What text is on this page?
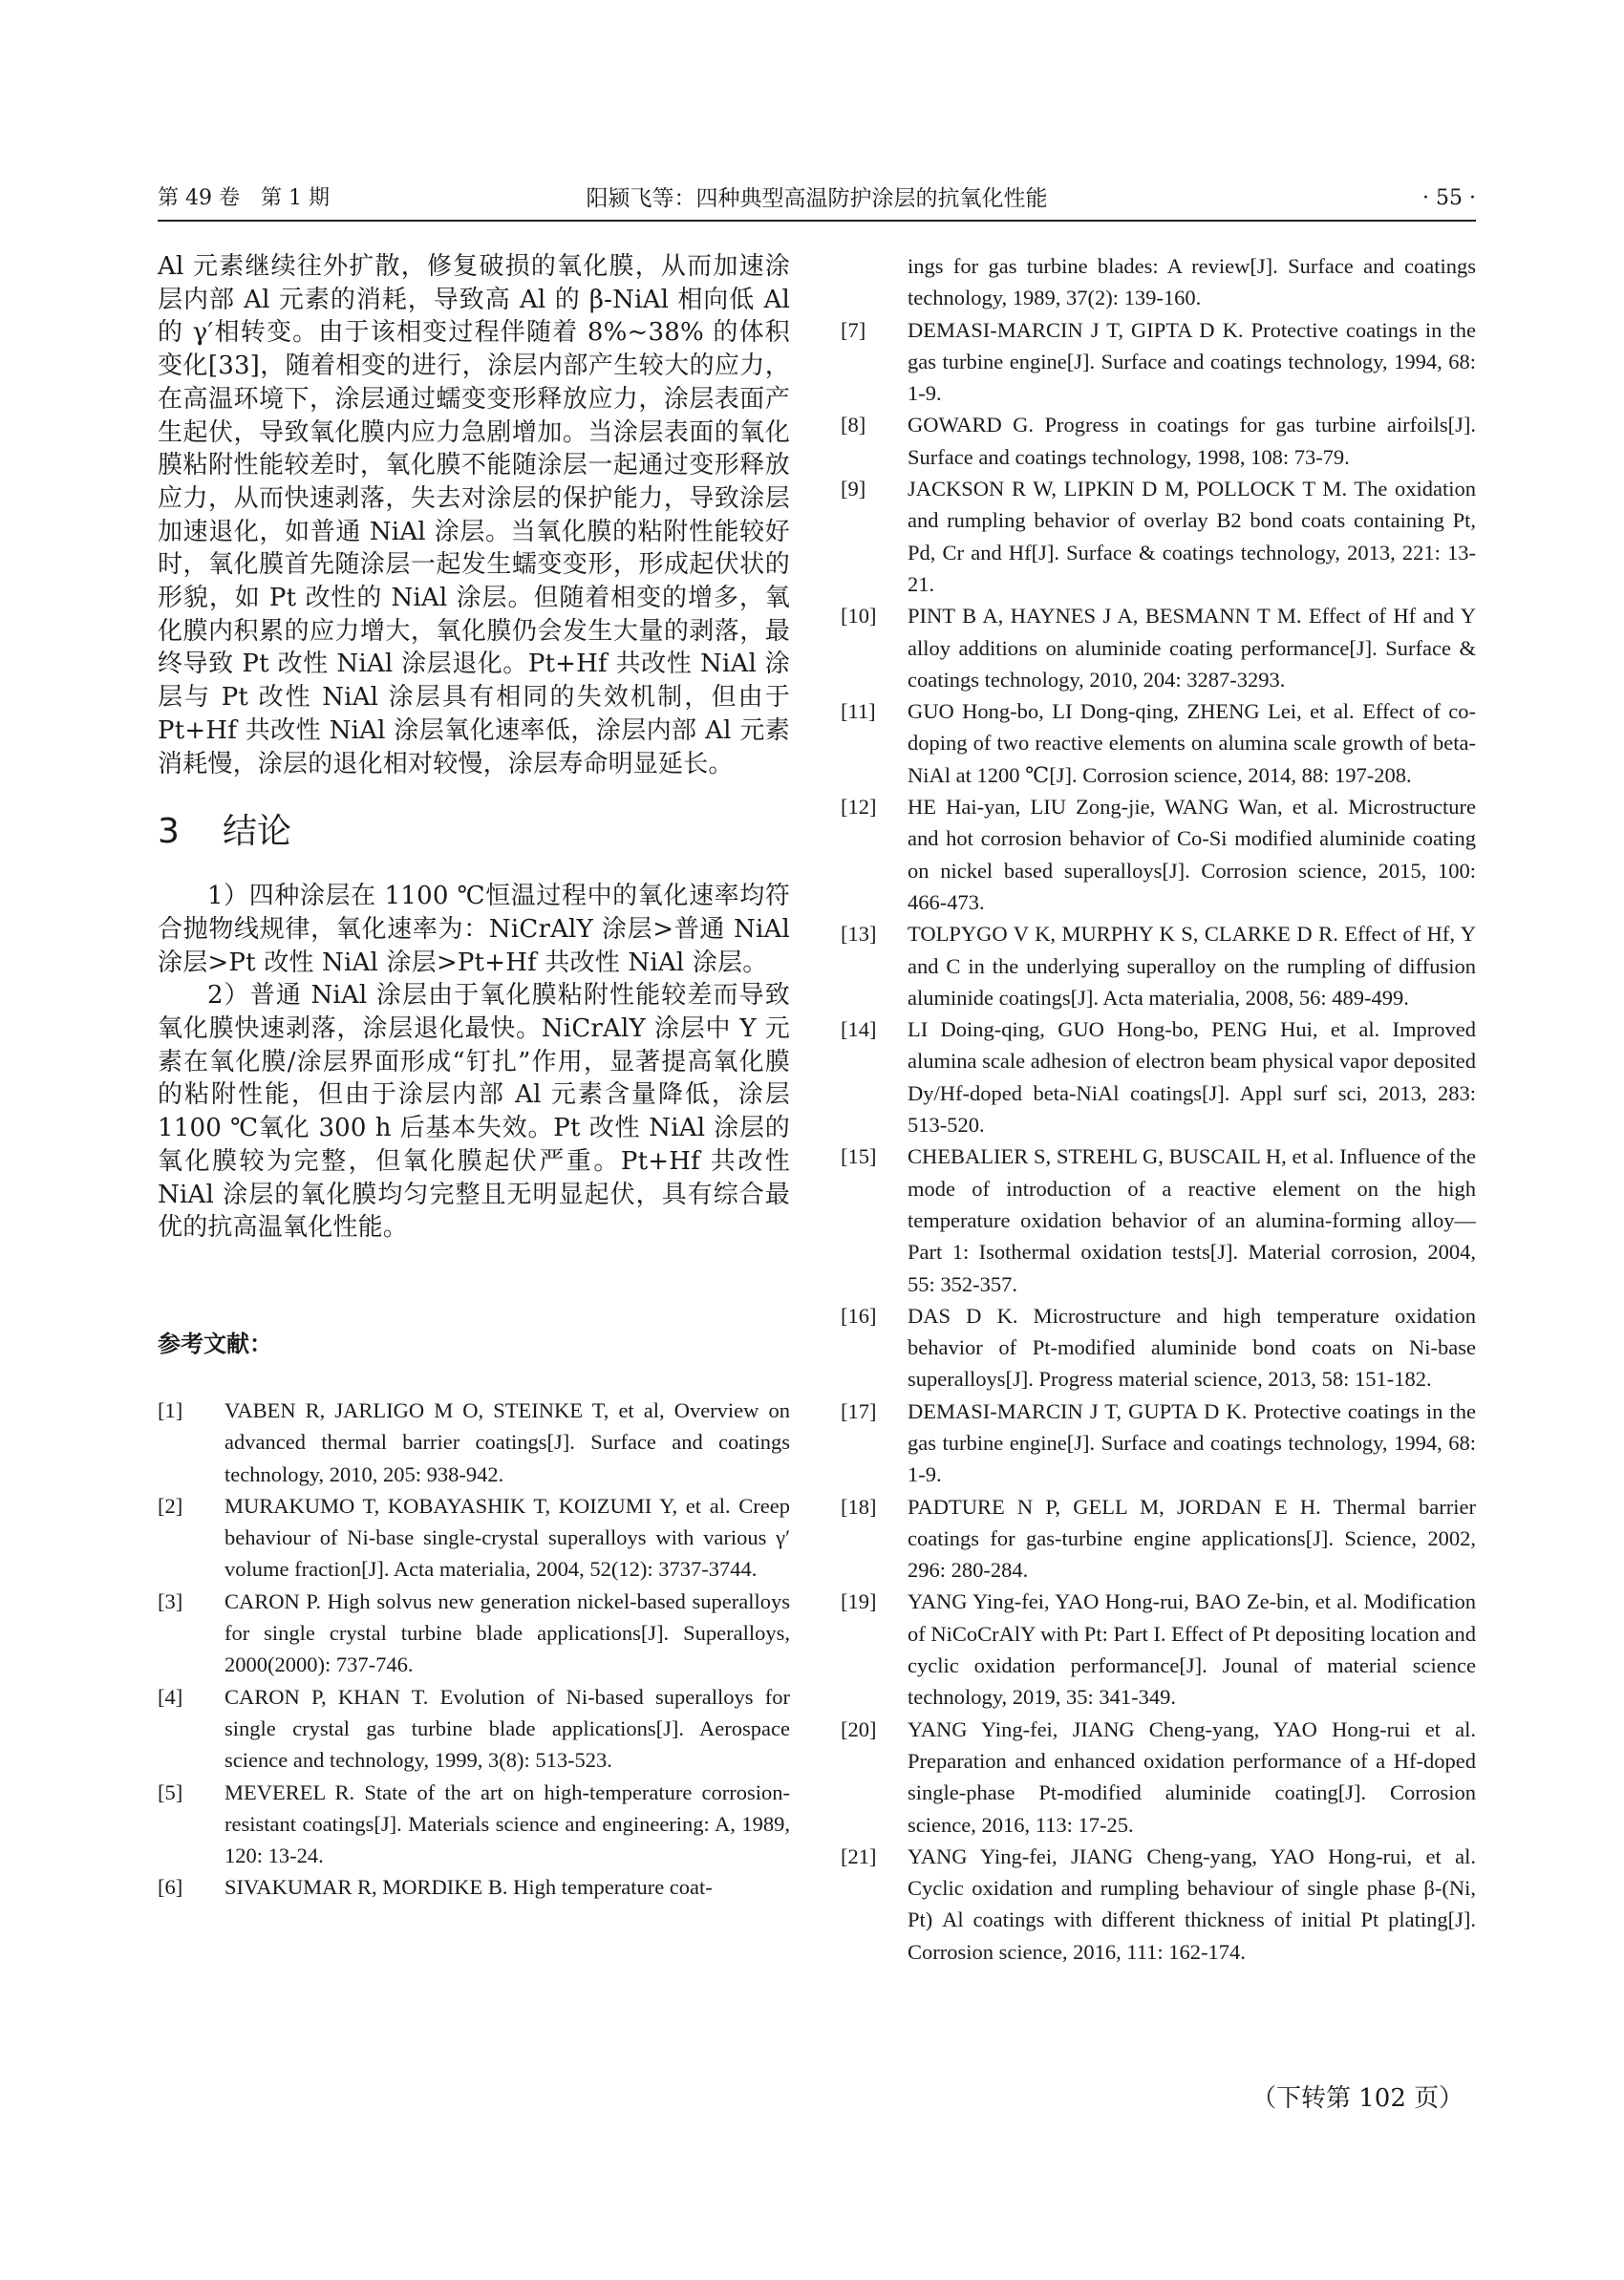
第 49 卷　第 1 期	阳颍飞等：四种典型高温防护涂层的抗氧化性能	· 55 ·

Al 元素继续往外扩散，修复破损的氧化膜，从而加速涂层内部 Al 元素的消耗，导致高 Al 的 β-NiAl 相向低 Al 的 γ′相转变。由于该相变过程伴随着 8%~38% 的体积变化[33]，随着相变的进行，涂层内部产生较大的应力，在高温环境下，涂层通过蠕变变形释放应力，涂层表面产生起伏，导致氧化膜内应力急剧增加。当涂层表面的氧化膜粘附性能较差时，氧化膜不能随涂层一起通过变形释放应力，从而快速剥落，失去对涂层的保护能力，导致涂层加速退化，如普通 NiAl 涂层。当氧化膜的粘附性能较好时，氧化膜首先随涂层一起发生蠕变变形，形成起伏状的形貌，如 Pt 改性的 NiAl 涂层。但随着相变的增多，氧化膜内积累的应力增大，氧化膜仍会发生大量的剥落，最终导致 Pt 改性 NiAl 涂层退化。Pt+Hf 共改性 NiAl 涂层与 Pt 改性 NiAl 涂层具有相同的失效机制，但由于 Pt+Hf 共改性 NiAl 涂层氧化速率低，涂层内部 Al 元素消耗慢，涂层的退化相对较慢，涂层寿命明显延长。

3 结论

1）四种涂层在 1100 ℃恒温过程中的氧化速率均符合抛物线规律，氧化速率为：NiCrAlY 涂层>普通 NiAl 涂层>Pt 改性 NiAl 涂层>Pt+Hf 共改性 NiAl 涂层。

2）普通 NiAl 涂层由于氧化膜粘附性能较差而导致氧化膜快速剥落，涂层退化最快。NiCrAlY 涂层中 Y 元素在氧化膜/涂层界面形成“钉扎”作用，显著提高氧化膜的粘附性能，但由于涂层内部 Al 元素含量降低，涂层 1100 ℃氧化 300 h 后基本失效。Pt 改性 NiAl 涂层的氧化膜较为完整，但氧化膜起伏严重。Pt+Hf 共改性 NiAl 涂层的氧化膜均匀完整且无明显起伏，具有综合最优的抗高温氧化性能。

参考文献：

[1] VABEN R, JARLIGO M O, STEINKE T, et al, Overview on advanced thermal barrier coatings[J]. Surface and coatings technology, 2010, 205: 938-942.

[2] MURAKUMO T, KOBAYASHIK T, KOIZUMI Y, et al. Creep behaviour of Ni-base single-crystal superalloys with various γ′ volume fraction[J]. Acta materialia, 2004, 52(12): 3737-3744.

[3] CARON P. High solvus new generation nickel-based superalloys for single crystal turbine blade applications[J]. Superalloys, 2000(2000): 737-746.

[4] CARON P, KHAN T. Evolution of Ni-based superalloys for single crystal gas turbine blade applications[J]. Aerospace science and technology, 1999, 3(8): 513-523.

[5] MEVEREL R. State of the art on high-temperature corrosion-resistant coatings[J]. Materials science and engineering: A, 1989, 120: 13-24.

[6] SIVAKUMAR R, MORDIKE B. High temperature coat-

ings for gas turbine blades: A review[J]. Surface and coatings technology, 1989, 37(2): 139-160.

[7] DEMASI-MARCIN J T, GIPTA D K. Protective coatings in the gas turbine engine[J]. Surface and coatings technology, 1994, 68: 1-9.

[8] GOWARD G. Progress in coatings for gas turbine airfoils[J]. Surface and coatings technology, 1998, 108: 73-79.

[9] JACKSON R W, LIPKIN D M, POLLOCK T M. The oxidation and rumpling behavior of overlay B2 bond coats containing Pt, Pd, Cr and Hf[J]. Surface & coatings technology, 2013, 221: 13-21.

[10] PINT B A, HAYNES J A, BESMANN T M. Effect of Hf and Y alloy additions on aluminide coating performance[J]. Surface & coatings technology, 2010, 204: 3287-3293.

[11] GUO Hong-bo, LI Dong-qing, ZHENG Lei, et al. Effect of co-doping of two reactive elements on alumina scale growth of beta-NiAl at 1200 ℃[J]. Corrosion science, 2014, 88: 197-208.

[12] HE Hai-yan, LIU Zong-jie, WANG Wan, et al. Microstructure and hot corrosion behavior of Co-Si modified aluminide coating on nickel based superalloys[J]. Corrosion science, 2015, 100: 466-473.

[13] TOLPYGO V K, MURPHY K S, CLARKE D R. Effect of Hf, Y and C in the underlying superalloy on the rumpling of diffusion aluminide coatings[J]. Acta materialia, 2008, 56: 489-499.

[14] LI Doing-qing, GUO Hong-bo, PENG Hui, et al. Improved alumina scale adhesion of electron beam physical vapor deposited Dy/Hf-doped beta-NiAl coatings[J]. Appl surf sci, 2013, 283: 513-520.

[15] CHEBALIER S, STREHL G, BUSCAIL H, et al. Influence of the mode of introduction of a reactive element on the high temperature oxidation behavior of an alumina-forming alloy—Part 1: Isothermal oxidation tests[J]. Material corrosion, 2004, 55: 352-357.

[16] DAS D K. Microstructure and high temperature oxidation behavior of Pt-modified aluminide bond coats on Ni-base superalloys[J]. Progress material science, 2013, 58: 151-182.

[17] DEMASI-MARCIN J T, GUPTA D K. Protective coatings in the gas turbine engine[J]. Surface and coatings technology, 1994, 68: 1-9.

[18] PADTURE N P, GELL M, JORDAN E H. Thermal barrier coatings for gas-turbine engine applications[J]. Science, 2002, 296: 280-284.

[19] YANG Ying-fei, YAO Hong-rui, BAO Ze-bin, et al. Modification of NiCoCrAlY with Pt: Part I. Effect of Pt depositing location and cyclic oxidation performance[J]. Jounal of material science technology, 2019, 35: 341-349.

[20] YANG Ying-fei, JIANG Cheng-yang, YAO Hong-rui et al. Preparation and enhanced oxidation performance of a Hf-doped single-phase Pt-modified aluminide coating[J]. Corrosion science, 2016, 113: 17-25.

[21] YANG Ying-fei, JIANG Cheng-yang, YAO Hong-rui, et al. Cyclic oxidation and rumpling behaviour of single phase β-(Ni, Pt) Al coatings with different thickness of initial Pt plating[J]. Corrosion science, 2016, 111: 162-174.

（下转第 102 页）
